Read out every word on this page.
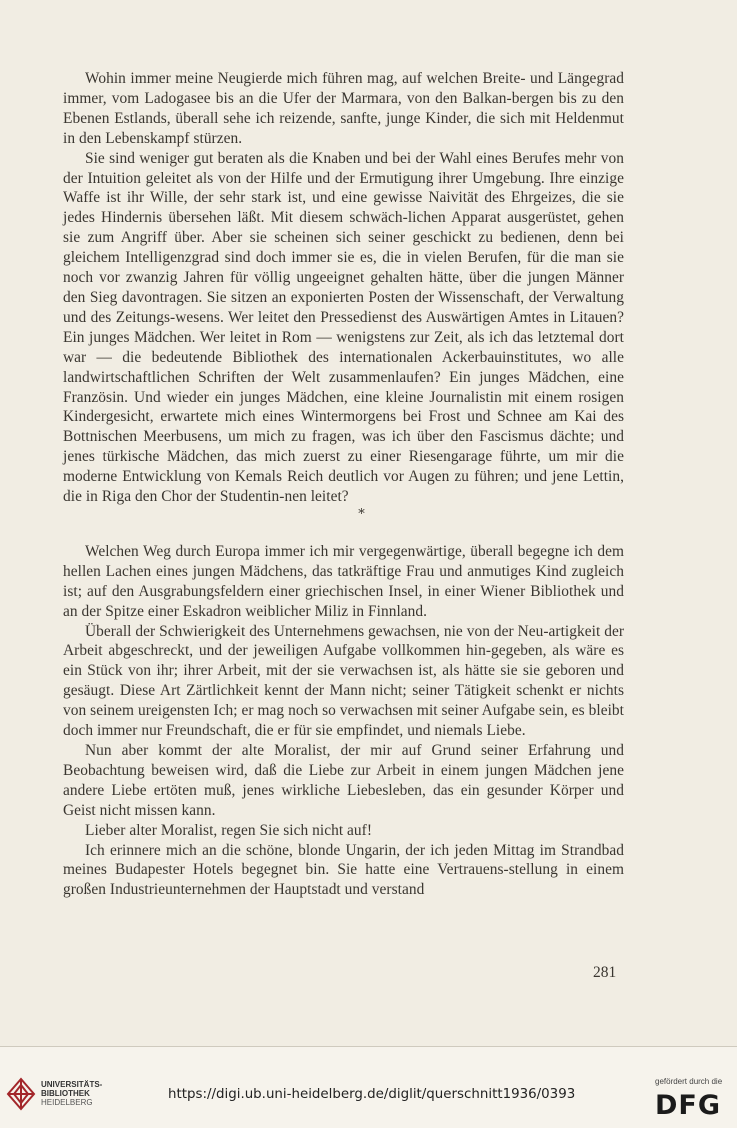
Wohin immer meine Neugierde mich führen mag, auf welchen Breite- und Längegrad immer, vom Ladogasee bis an die Ufer der Marmara, von den Balkan-bergen bis zu den Ebenen Estlands, überall sehe ich reizende, sanfte, junge Kinder, die sich mit Heldenmut in den Lebenskampf stürzen.

Sie sind weniger gut beraten als die Knaben und bei der Wahl eines Berufes mehr von der Intuition geleitet als von der Hilfe und der Ermutigung ihrer Umgebung. Ihre einzige Waffe ist ihr Wille, der sehr stark ist, und eine gewisse Naivität des Ehrgeizes, die sie jedes Hindernis übersehen läßt. Mit diesem schwäch-lichen Apparat ausgerüstet, gehen sie zum Angriff über. Aber sie scheinen sich seiner geschickt zu bedienen, denn bei gleichem Intelligenzgrad sind doch immer sie es, die in vielen Berufen, für die man sie noch vor zwanzig Jahren für völlig ungeeignet gehalten hätte, über die jungen Männer den Sieg davontragen. Sie sitzen an exponierten Posten der Wissenschaft, der Verwaltung und des Zeitungs-wesens. Wer leitet den Pressedienst des Auswärtigen Amtes in Litauen? Ein junges Mädchen. Wer leitet in Rom — wenigstens zur Zeit, als ich das letztemal dort war — die bedeutende Bibliothek des internationalen Ackerbauinstitutes, wo alle landwirtschaftlichen Schriften der Welt zusammenlaufen? Ein junges Mädchen, eine Französin. Und wieder ein junges Mädchen, eine kleine Journalistin mit einem rosigen Kindergesicht, erwartete mich eines Wintermorgens bei Frost und Schnee am Kai des Bottnischen Meerbusens, um mich zu fragen, was ich über den Fascismus dächte; und jenes türkische Mädchen, das mich zuerst zu einer Riesengarage führte, um mir die moderne Entwicklung von Kemals Reich deutlich vor Augen zu führen; und jene Lettin, die in Riga den Chor der Studentin-nen leitet?

*

Welchen Weg durch Europa immer ich mir vergegenwärtige, überall begegne ich dem hellen Lachen eines jungen Mädchens, das tatkräftige Frau und anmutiges Kind zugleich ist; auf den Ausgrabungsfeldern einer griechischen Insel, in einer Wiener Bibliothek und an der Spitze einer Eskadron weiblicher Miliz in Finnland.

Überall der Schwierigkeit des Unternehmens gewachsen, nie von der Neu-artigkeit der Arbeit abgeschreckt, und der jeweiligen Aufgabe vollkommen hin-gegeben, als wäre es ein Stück von ihr; ihrer Arbeit, mit der sie verwachsen ist, als hätte sie sie geboren und gesäugt. Diese Art Zärtlichkeit kennt der Mann nicht; seiner Tätigkeit schenkt er nichts von seinem ureigensten Ich; er mag noch so verwachsen mit seiner Aufgabe sein, es bleibt doch immer nur Freundschaft, die er für sie empfindet, und niemals Liebe.

Nun aber kommt der alte Moralist, der mir auf Grund seiner Erfahrung und Beobachtung beweisen wird, daß die Liebe zur Arbeit in einem jungen Mädchen jene andere Liebe ertöten muß, jenes wirkliche Liebesleben, das ein gesunder Körper und Geist nicht missen kann.

Lieber alter Moralist, regen Sie sich nicht auf!

Ich erinnere mich an die schöne, blonde Ungarin, der ich jeden Mittag im Strandbad meines Budapester Hotels begegnet bin. Sie hatte eine Vertrauens-stellung in einem großen Industrieunternehmen der Hauptstadt und verstand

281
UNIVERSITÄTS-
BIBLIOTHEK
HEIDELBERG
https://digi.ub.uni-heidelberg.de/diglit/querschnitt1936/0393
gefördert durch die
DFG
